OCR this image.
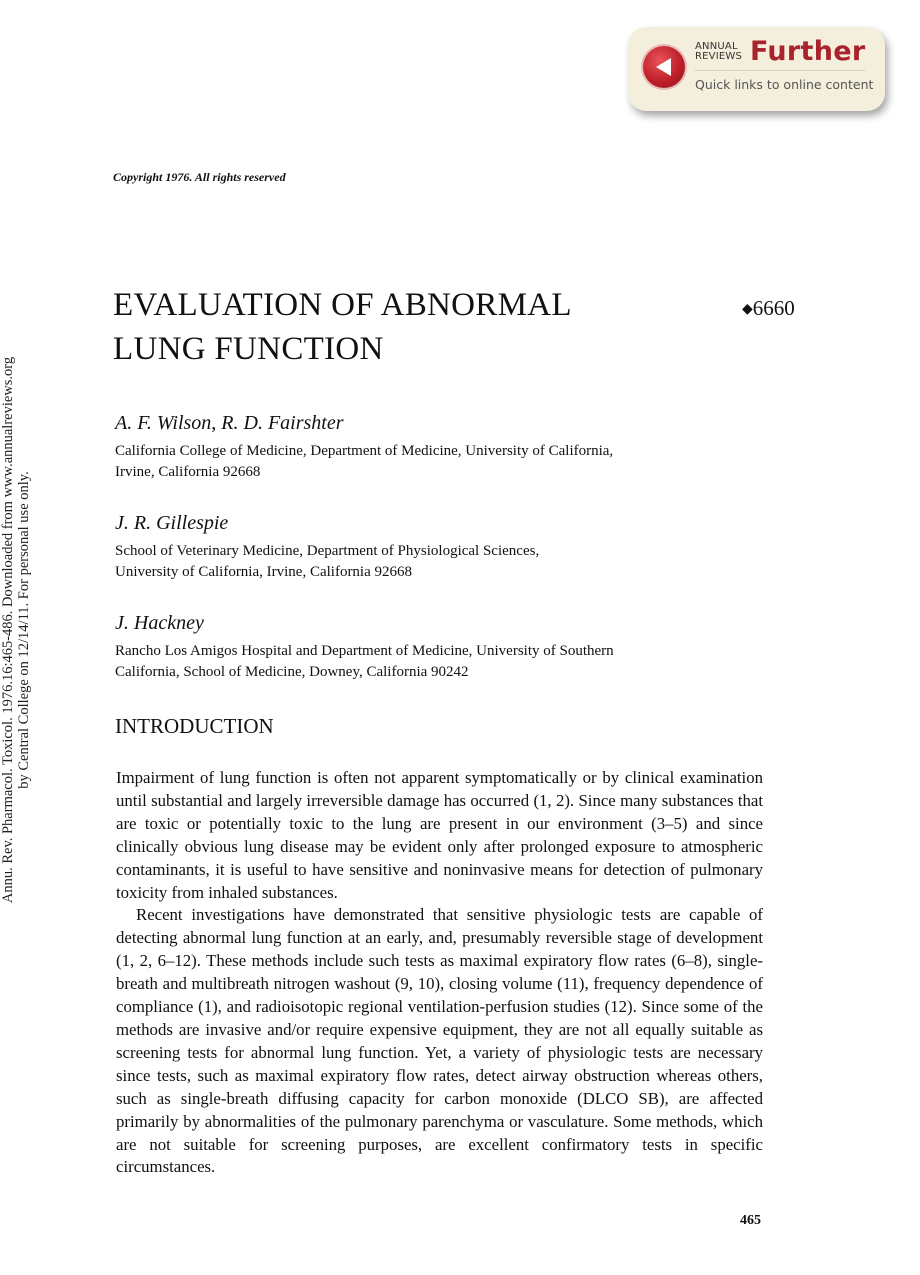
ANNUAL
REVIEWS Further
Quick links to online content
Copyright 1976. All rights reserved
Annu. Rev. Pharmacol. Toxicol. 1976.16:465-486. Downloaded from www.annualreviews.org by Central College on 12/14/11. For personal use only.
EVALUATION OF ABNORMAL
LUNG FUNCTION
◆6660
A. F. Wilson, R. D. Fairshter
California College of Medicine, Department of Medicine, University of California,
Irvine, California 92668
J. R. Gillespie
School of Veterinary Medicine, Department of Physiological Sciences,
University of California, Irvine, California 92668
J. Hackney
Rancho Los Amigos Hospital and Department of Medicine, University of Southern
California, School of Medicine, Downey, California 90242
INTRODUCTION

Impairment of lung function is often not apparent symptomatically or by clinical examination until substantial and largely irreversible damage has occurred (1, 2). Since many substances that are toxic or potentially toxic to the lung are present in our environment (3–5) and since clinically obvious lung disease may be evident only after prolonged exposure to atmospheric contaminants, it is useful to have sensitive and noninvasive means for detection of pulmonary toxicity from inhaled substances.

Recent investigations have demonstrated that sensitive physiologic tests are capable of detecting abnormal lung function at an early, and, presumably reversible stage of development (1, 2, 6–12). These methods include such tests as maximal expiratory flow rates (6–8), single-breath and multibreath nitrogen washout (9, 10), closing volume (11), frequency dependence of compliance (1), and radioisotopic regional ventilation-perfusion studies (12). Since some of the methods are invasive and/or require expensive equipment, they are not all equally suitable as screening tests for abnormal lung function. Yet, a variety of physiologic tests are necessary since tests, such as maximal expiratory flow rates, detect airway obstruction whereas others, such as single-breath diffusing capacity for carbon monoxide (DLCO SB), are affected primarily by abnormalities of the pulmonary parenchyma or vasculature. Some methods, which are not suitable for screening purposes, are excellent confirmatory tests in specific circumstances.

465
